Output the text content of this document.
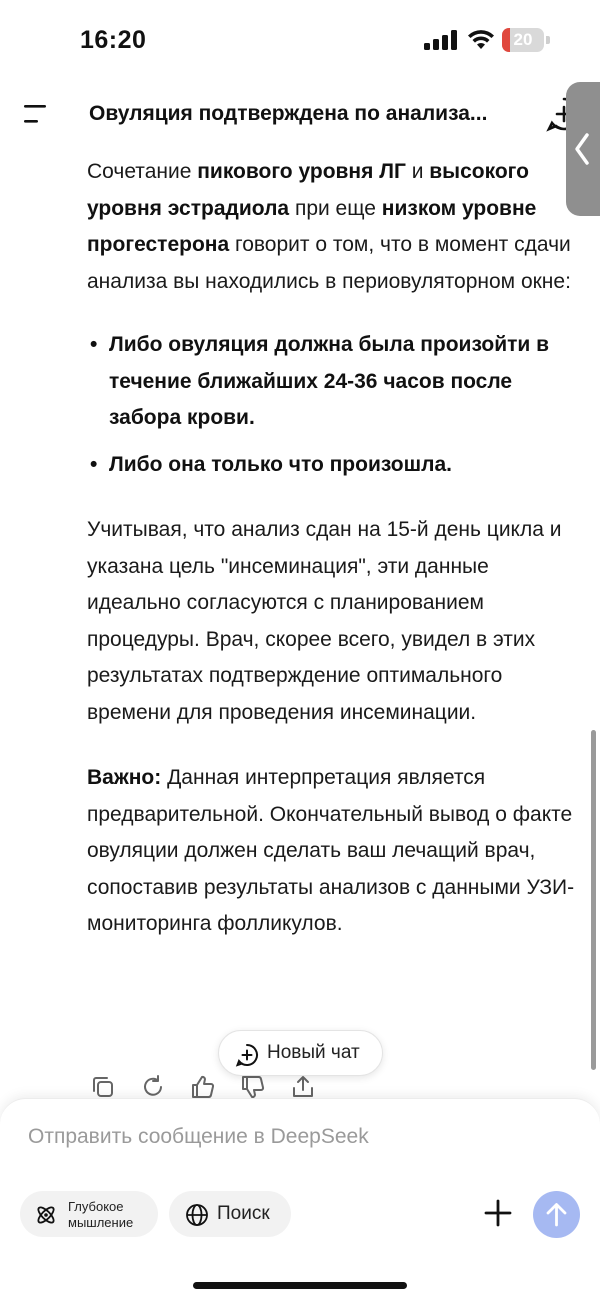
16:20	20
Овуляция подтверждена по анализа...

Сочетание пикового уровня ЛГ и высокого уровня эстрадиола при еще низком уровне прогестерона говорит о том, что в момент сдачи анализа вы находились в периовуляторном окне:

• Либо овуляция должна была произойти в течение ближайших 24-36 часов после забора крови.
• Либо она только что произошла.

Учитывая, что анализ сдан на 15-й день цикла и указана цель "инсеминация", эти данные идеально согласуются с планированием процедуры. Врач, скорее всего, увидел в этих результатах подтверждение оптимального времени для проведения инсеминации.

Важно: Данная интерпретация является предварительной. Окончательный вывод о факте овуляции должен сделать ваш лечащий врач, сопоставив результаты анализов с данными УЗИ-мониторинга фолликулов.

Новый чат
Отправить сообщение в DeepSeek
Глубокое мышление	Поиск
